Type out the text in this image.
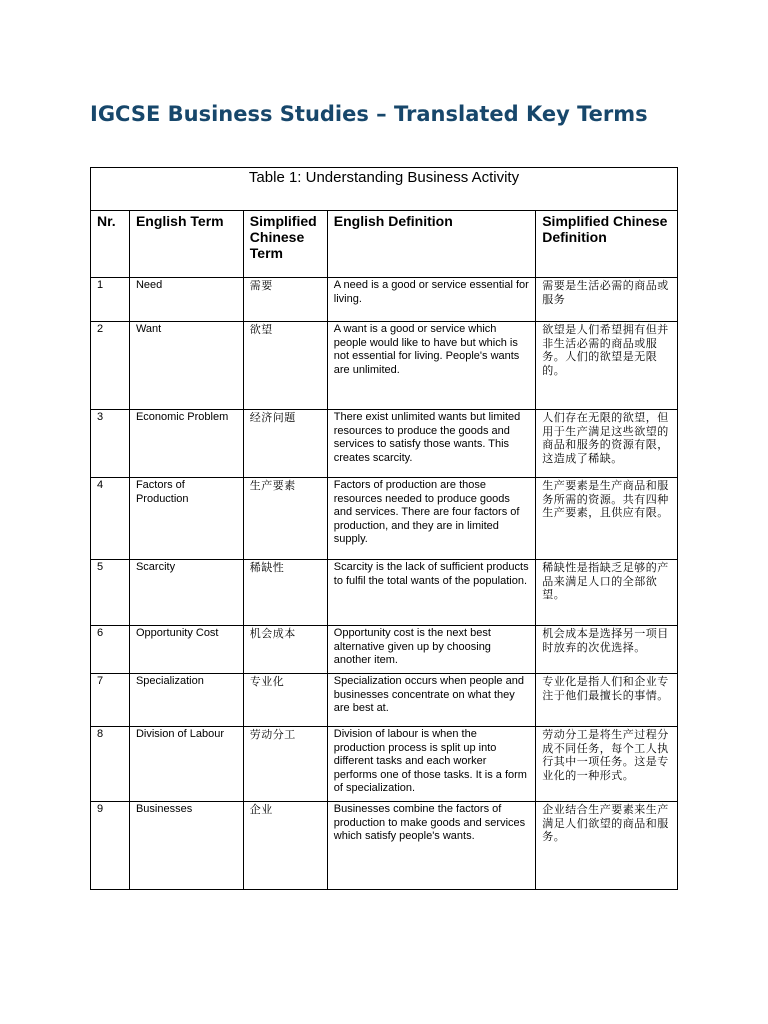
IGCSE Business Studies – Translated Key Terms
Table 1: Understanding Business Activity				
Nr.	English Term	Simplified Chinese Term	English Definition	Simplified Chinese Definition
1	Need	需要	A need is a good or service essential for living.	需要是生活必需的商品或服务
2	Want	欲望	A want is a good or service which people would like to have but which is not essential for living. People's wants are unlimited.	欲望是人们希望拥有但并非生活必需的商品或服务。人们的欲望是无限的。
3	Economic Problem	经济问题	There exist unlimited wants but limited resources to produce the goods and services to satisfy those wants. This creates scarcity.	人们存在无限的欲望，但用于生产满足这些欲望的商品和服务的资源有限，这造成了稀缺。
4	Factors of Production	生产要素	Factors of production are those resources needed to produce goods and services. There are four factors of production, and they are in limited supply.	生产要素是生产商品和服务所需的资源。共有四种生产要素，且供应有限。
5	Scarcity	稀缺性	Scarcity is the lack of sufficient products to fulfil the total wants of the population.	稀缺性是指缺乏足够的产品来满足人口的全部欲望。
6	Opportunity Cost	机会成本	Opportunity cost is the next best alternative given up by choosing another item.	机会成本是选择另一项目时放弃的次优选择。
7	Specialization	专业化	Specialization occurs when people and businesses concentrate on what they are best at.	专业化是指人们和企业专注于他们最擅长的事情。
8	Division of Labour	劳动分工	Division of labour is when the production process is split up into different tasks and each worker performs one of those tasks. It is a form of specialization.	劳动分工是将生产过程分成不同任务，每个工人执行其中一项任务。这是专业化的一种形式。
9	Businesses	企业	Businesses combine the factors of production to make goods and services which satisfy people's wants.	企业结合生产要素来生产满足人们欲望的商品和服务。
